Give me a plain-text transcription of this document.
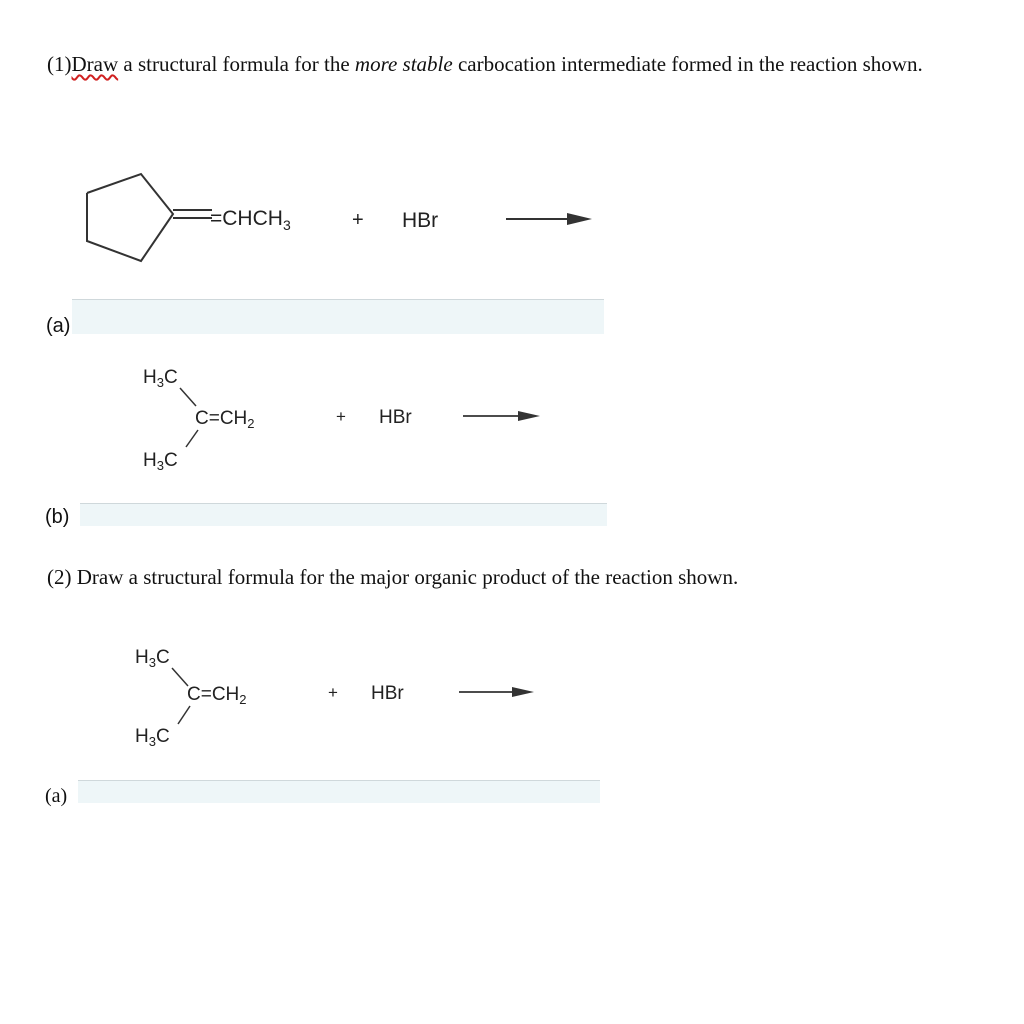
(1)Draw a structural formula for the more stable carbocation intermediate formed in the reaction shown.
$=CHCH_3$	+ HBr
(a)
$H_3C$
$C=CH_2$
$H_3C$
+ HBr
(b)
(2) Draw a structural formula for the major organic product of the reaction shown.
$H_3C$
$C=CH_2$
$H_3C$
+ HBr
(a)
